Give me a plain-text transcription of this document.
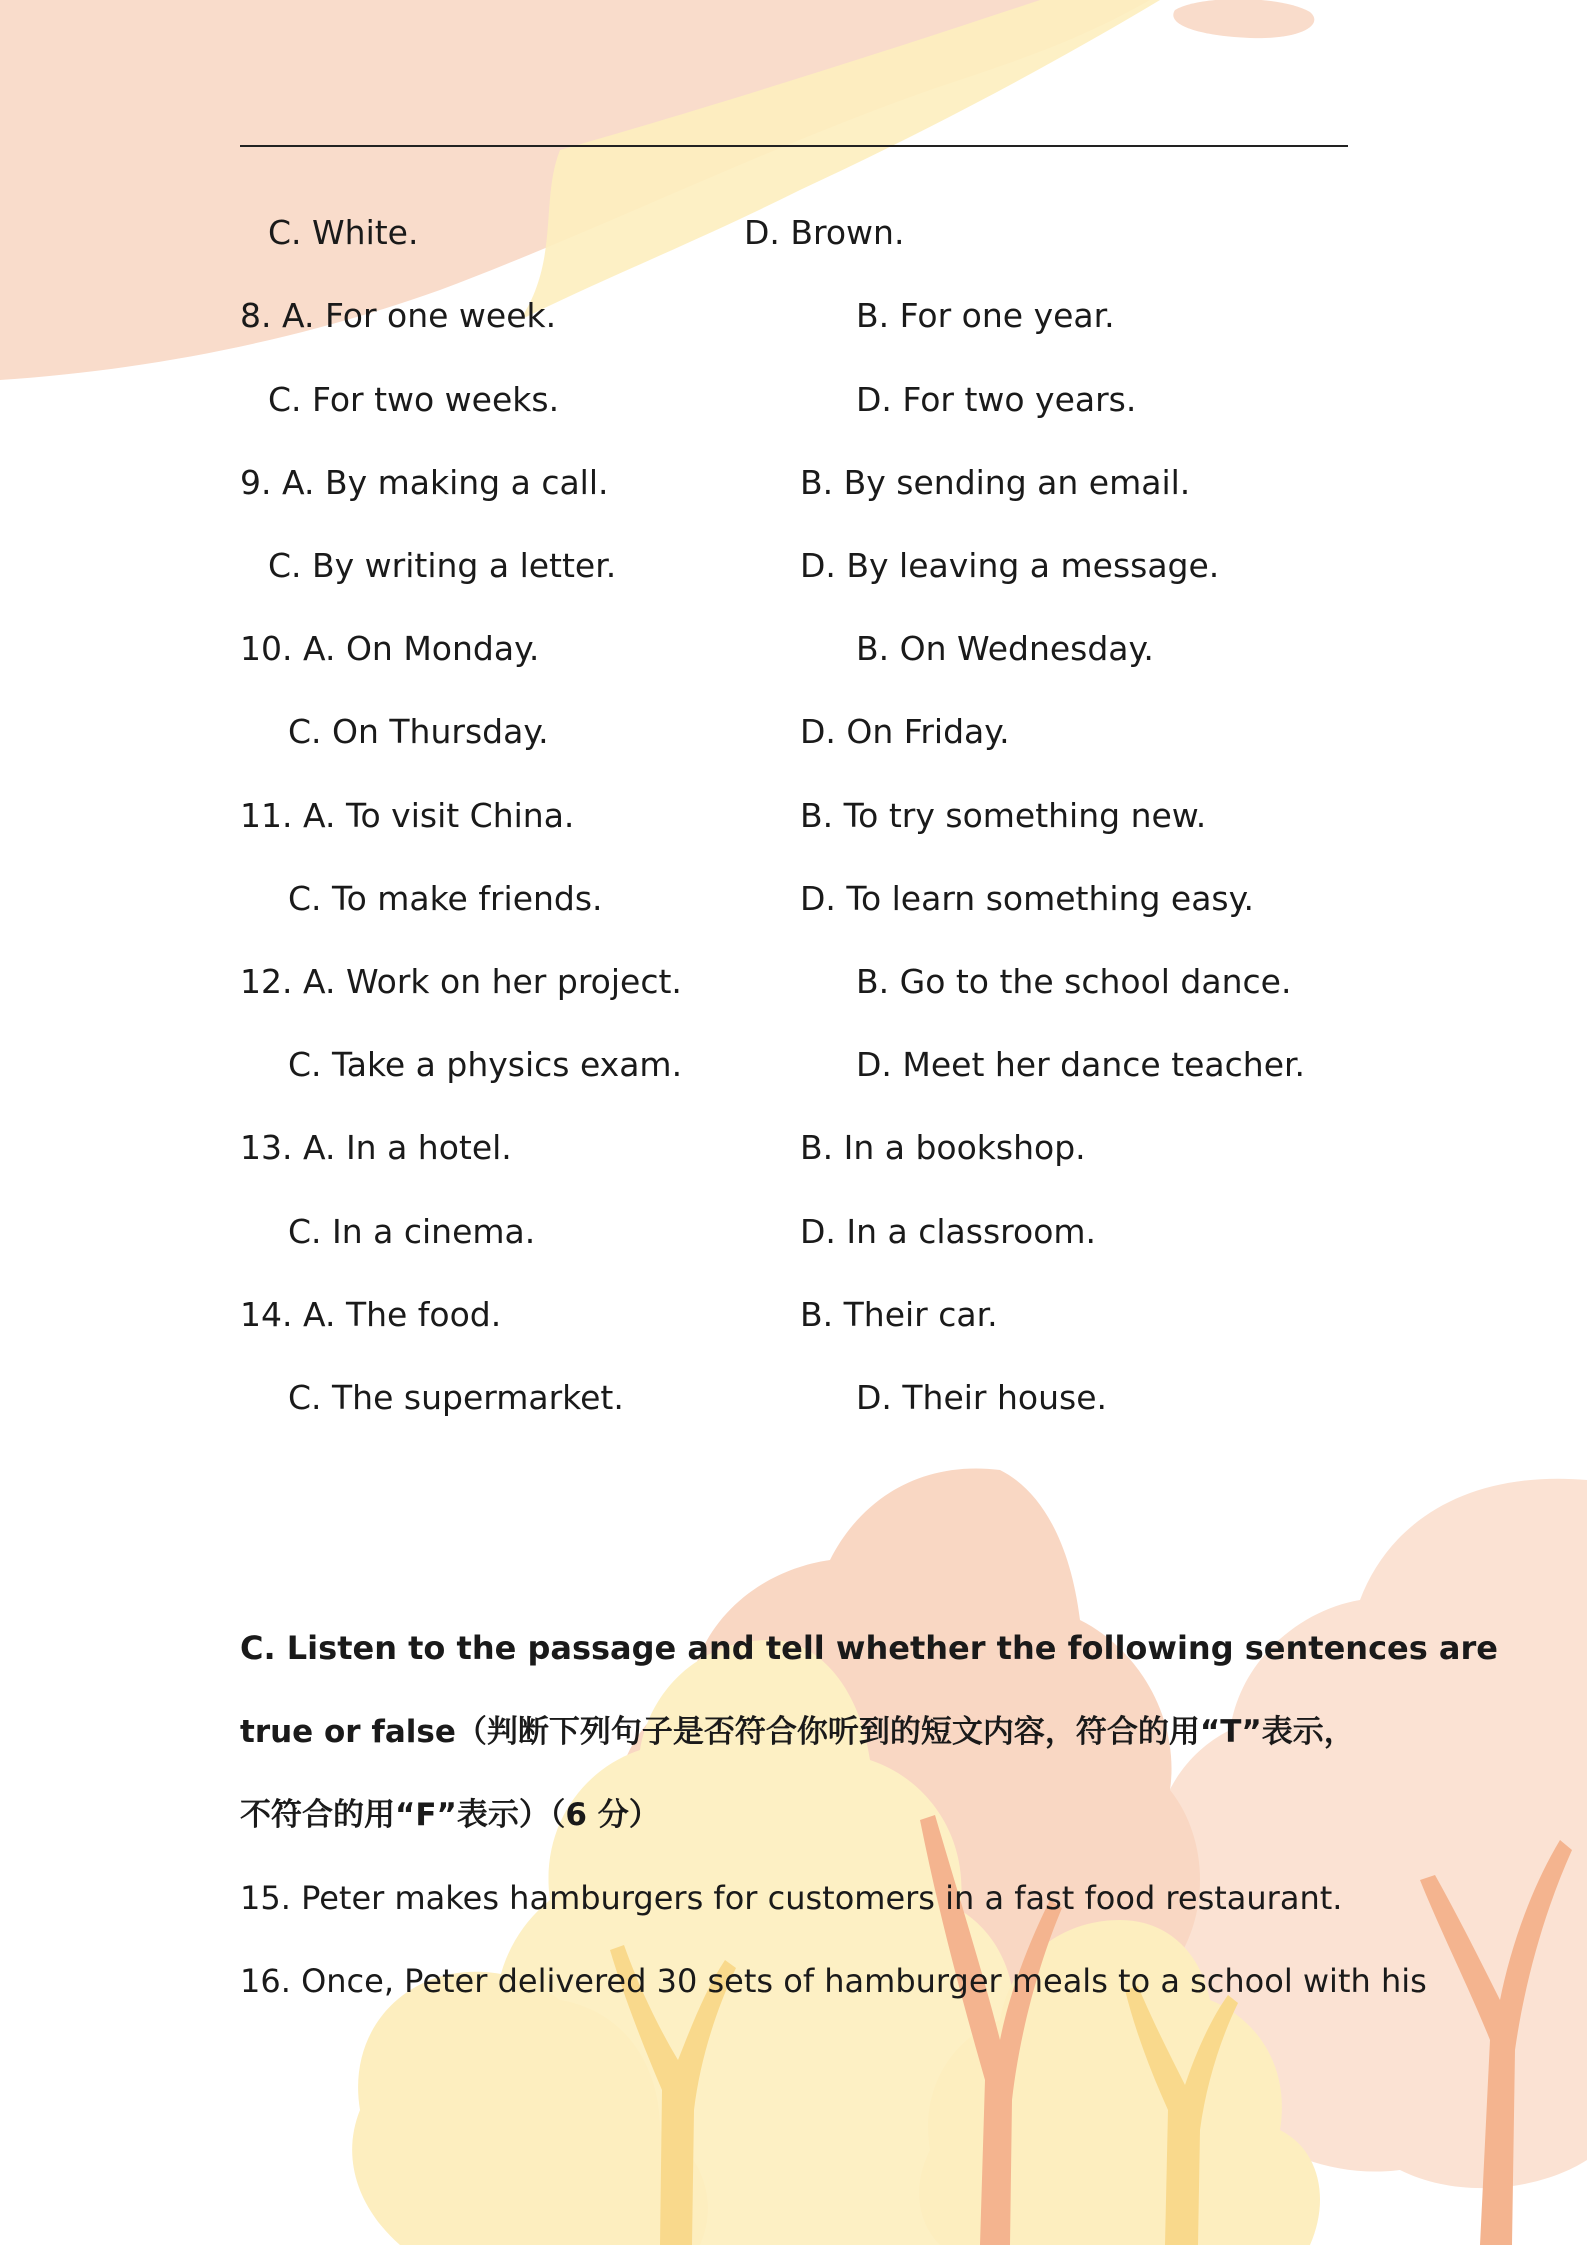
C. White.	D. Brown.
8. A. For one week.	B. For one year.
C. For two weeks.	D. For two years.
9. A. By making a call.	B. By sending an email.
C. By writing a letter.	D. By leaving a message.
10. A. On Monday.	B. On Wednesday.
C. On Thursday.	D. On Friday.
11. A. To visit China.	B. To try something new.
C. To make friends.	D. To learn something easy.
12. A. Work on her project.	B. Go to the school dance.
C. Take a physics exam.	D. Meet her dance teacher.
13. A. In a hotel.	B. In a bookshop.
C. In a cinema.	D. In a classroom.
14. A. The food.	B. Their car.
C. The supermarket.	D. Their house.
C. Listen to the passage and tell whether the following sentences are
true or false（判断下列句子是否符合你听到的短文内容，符合的用“T”表示，
不符合的用“F”表示）（6 分）
15. Peter makes hamburgers for customers in a fast food restaurant.
16. Once, Peter delivered 30 sets of hamburger meals to a school with his
